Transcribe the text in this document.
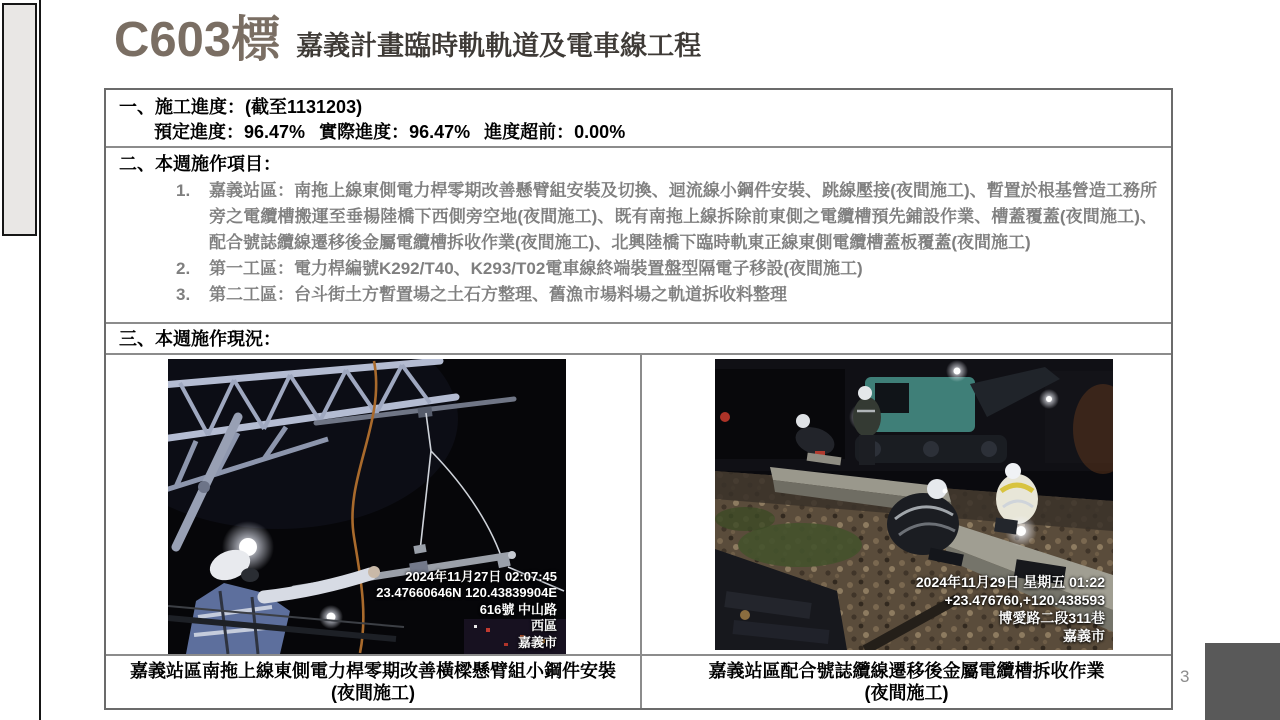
C603標 嘉義計畫臨時軌軌道及電車線工程
一、施工進度：(截至1131203)
預定進度：96.47% 實際進度：96.47% 進度超前：0.00%
二、本週施作項目：
1.	嘉義站區：南拖上線東側電力桿零期改善懸臂組安裝及切換、迴流線小鋼件安裝、跳線壓接(夜間施工)、暫置於根基營造工務所旁之電纜槽搬運至垂楊陸橋下西側旁空地(夜間施工)、既有南拖上線拆除前東側之電纜槽預先鋪設作業、槽蓋覆蓋(夜間施工)、配合號誌纜線遷移後金屬電纜槽拆收作業(夜間施工)、北興陸橋下臨時軌東正線東側電纜槽蓋板覆蓋(夜間施工)
2.	第一工區：電力桿編號K292/T40、K293/T02電車線終端裝置盤型隔電子移設(夜間施工)
3.	第二工區：台斗街土方暫置場之土石方整理、舊漁市場料場之軌道拆收料整理
三、本週施作現況：
2024年11月27日 02:07:45
23.47660646N 120.43839904E
616號 中山路
西區
嘉義市
2024年11月29日 星期五 01:22
+23.476760,+120.438593
博愛路二段311巷
嘉義市
嘉義站區南拖上線東側電力桿零期改善橫樑懸臂組小鋼件安裝
(夜間施工)
嘉義站區配合號誌纜線遷移後金屬電纜槽拆收作業
(夜間施工)
3
